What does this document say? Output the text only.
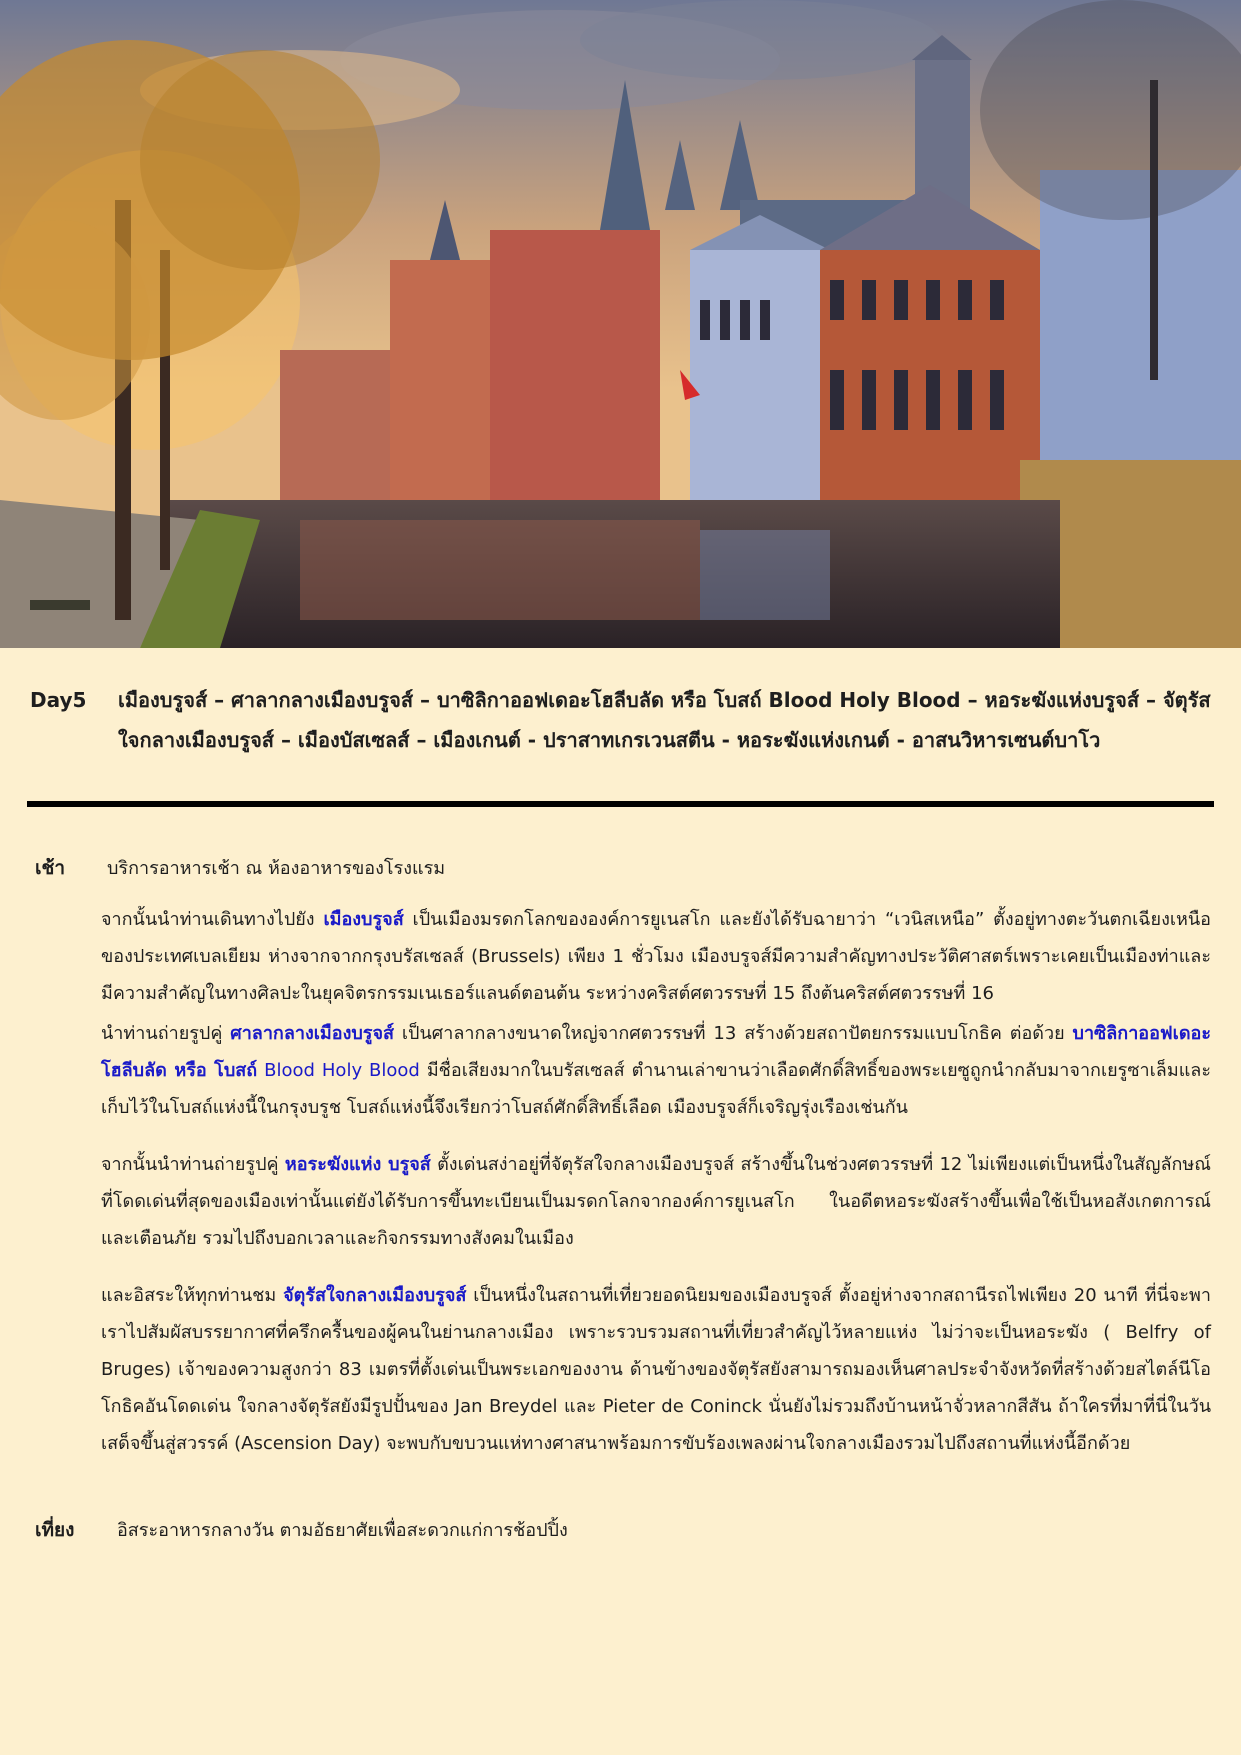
Day5 เมืองบรูจส์ – ศาลากลางเมืองบรูจส์ – บาซิลิกาออฟเดอะโฮลีบลัด หรือ โบสถ์ Blood Holy Blood – หอระฆังแห่งบรูจส์ – จัตุรัสใจกลางเมืองบรูจส์ – เมืองบัสเซลส์ – เมืองเกนต์ - ปราสาทเกรเวนสตีน - หอระฆังแห่งเกนต์ - อาสนวิหารเซนต์บาโว
เช้า บริการอาหารเช้า ณ ห้องอาหารของโรงแรม
จากนั้นนำท่านเดินทางไปยัง เมืองบรูจส์ เป็นเมืองมรดกโลกขององค์การยูเนสโก และยังได้รับฉายาว่า “เวนิสเหนือ” ตั้งอยู่ทางตะวันตกเฉียงเหนือของประเทศเบลเยียม ห่างจากจากกรุงบรัสเซลส์ (Brussels) เพียง 1 ชั่วโมง เมืองบรูจส์มีความสำคัญทางประวัติศาสตร์เพราะเคยเป็นเมืองท่าและมีความสำคัญในทางศิลปะในยุคจิตรกรรมเนเธอร์แลนด์ตอนต้น ระหว่างคริสต์ศตวรรษที่ 15 ถึงต้นคริสต์ศตวรรษที่ 16
นำท่านถ่ายรูปคู่ ศาลากลางเมืองบรูจส์ เป็นศาลากลางขนาดใหญ่จากศตวรรษที่ 13 สร้างด้วยสถาปัตยกรรมแบบโกธิค ต่อด้วย บาซิลิกาออฟเดอะโฮลีบลัด หรือ โบสถ์ Blood Holy Blood มีชื่อเสียงมากในบรัสเซลส์ ตำนานเล่าขานว่าเลือดศักดิ์สิทธิ์ของพระเยซูถูกนำกลับมาจากเยรูซาเล็มและเก็บไว้ในโบสถ์แห่งนี้ในกรุงบรูช โบสถ์แห่งนี้จึงเรียกว่าโบสถ์ศักดิ์สิทธิ์เลือด เมืองบรูจส์ก็เจริญรุ่งเรืองเช่นกัน
จากนั้นนำท่านถ่ายรูปคู่ หอระฆังแห่ง บรูจส์ ตั้งเด่นสง่าอยู่ที่จัตุรัสใจกลางเมืองบรูจส์ สร้างขึ้นในช่วงศตวรรษที่ 12 ไม่เพียงแต่เป็นหนึ่งในสัญลักษณ์ที่โดดเด่นที่สุดของเมืองเท่านั้นแต่ยังได้รับการขึ้นทะเบียนเป็นมรดกโลกจากองค์การยูเนสโก ในอดีตหอระฆังสร้างขึ้นเพื่อใช้เป็นหอสังเกตการณ์และเตือนภัย รวมไปถึงบอกเวลาและกิจกรรมทางสังคมในเมือง
และอิสระให้ทุกท่านชม จัตุรัสใจกลางเมืองบรูจส์ เป็นหนึ่งในสถานที่เที่ยวยอดนิยมของเมืองบรูจส์ ตั้งอยู่ห่างจากสถานีรถไฟเพียง 20 นาที ที่นี่จะพาเราไปสัมผัสบรรยากาศที่ครึกครื้นของผู้คนในย่านกลางเมือง เพราะรวบรวมสถานที่เที่ยวสำคัญไว้หลายแห่ง ไม่ว่าจะเป็นหอระฆัง ( Belfry of Bruges) เจ้าของความสูงกว่า 83 เมตรที่ตั้งเด่นเป็นพระเอกของงาน ด้านข้างของจัตุรัสยังสามารถมองเห็นศาลประจำจังหวัดที่สร้างด้วยสไตล์นีโอโกธิคอันโดดเด่น ใจกลางจัตุรัสยังมีรูปปั้นของ Jan Breydel และ Pieter de Coninck นั่นยังไม่รวมถึงบ้านหน้าจั่วหลากสีสัน ถ้าใครที่มาที่นี่ในวันเสด็จขึ้นสู่สวรรค์ (Ascension Day) จะพบกับขบวนแห่ทางศาสนาพร้อมการขับร้องเพลงผ่านใจกลางเมืองรวมไปถึงสถานที่แห่งนี้อีกด้วย
เที่ยง อิสระอาหารกลางวัน ตามอัธยาศัยเพื่อสะดวกแก่การช้อปปิ้ง
